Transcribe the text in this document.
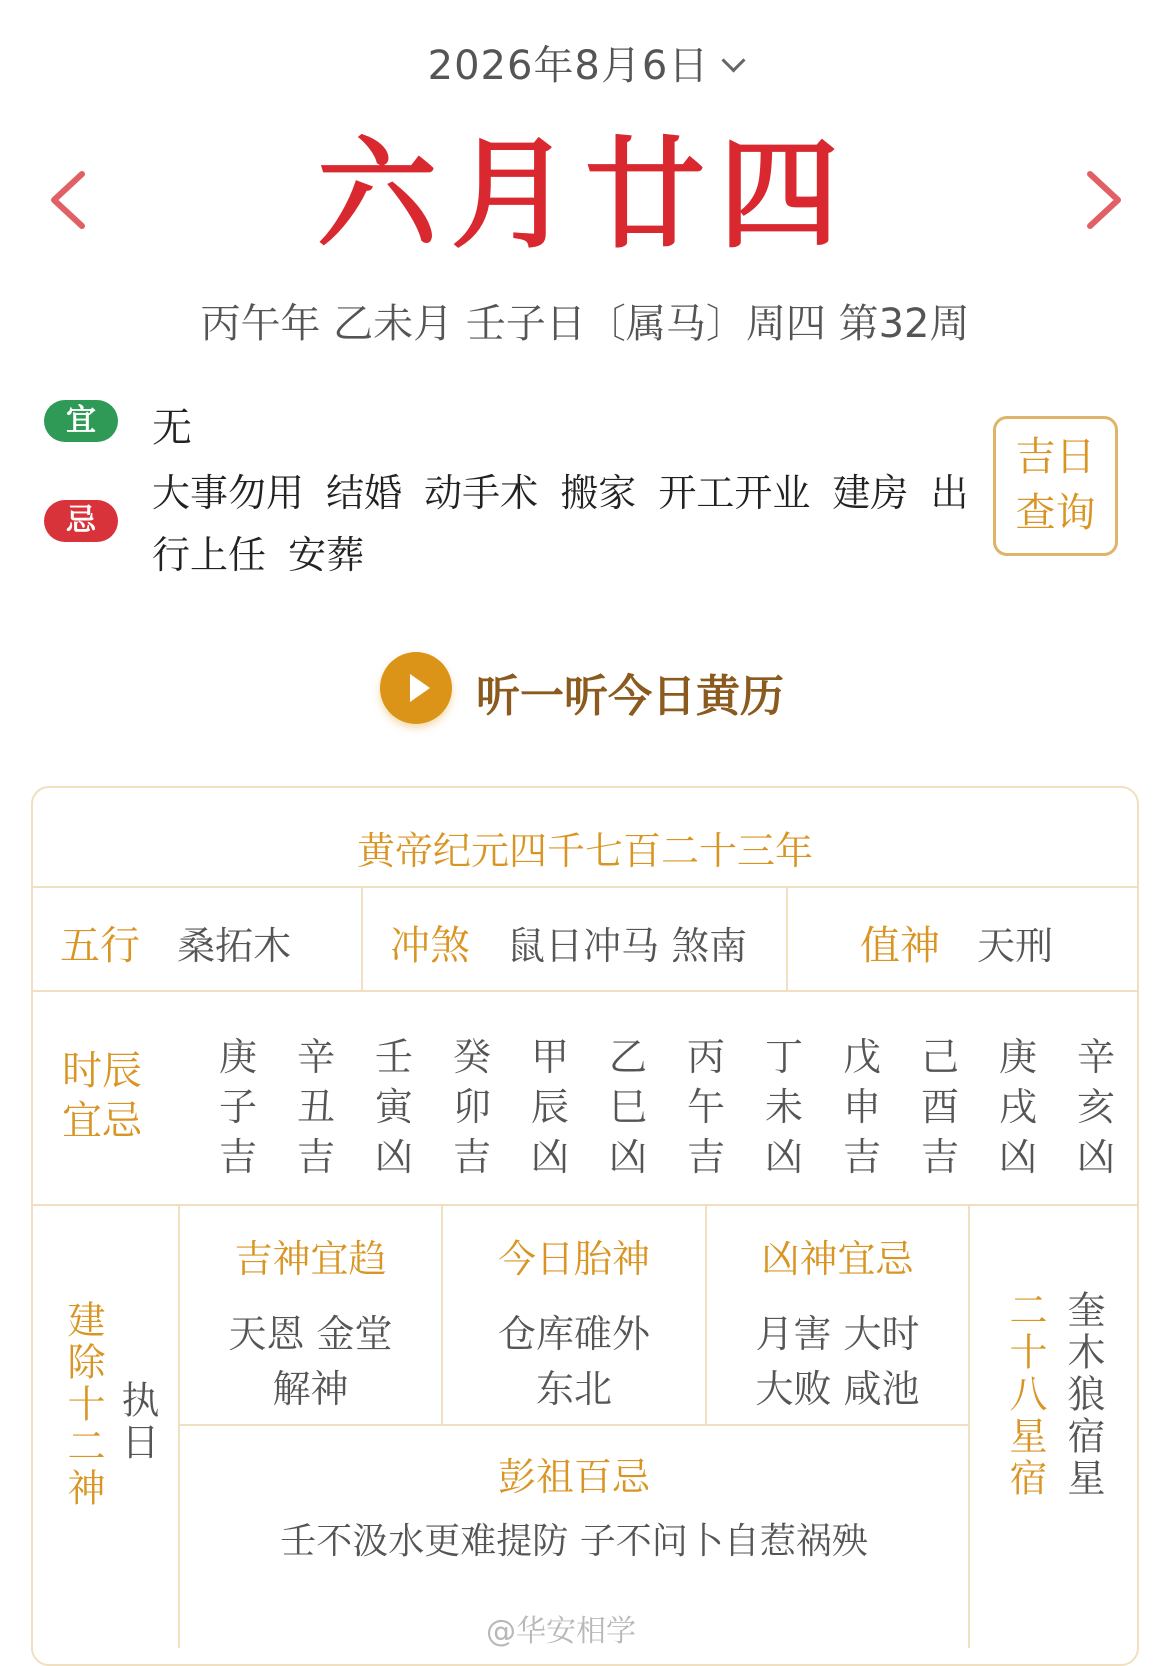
2026年8月6日
六月廿四
丙午年 乙未月 壬子日〔属马〕周四 第32周
宜	无
忌
大事勿用 结婚 动手术 搬家 开工开业 建房 出行上任 安葬
吉日
查询
听一听今日黄历
黄帝纪元四千七百二十三年
五行 桑拓木 冲煞 鼠日冲马 煞南	值神 天刑
时辰
宜忌
庚
子
吉
辛
丑
吉
壬
寅
凶
癸
卯
吉
甲
辰
凶
乙
巳
凶
丙
午
吉
丁
未
凶
戊
申
吉
己
酉
吉
庚
戌
凶
辛
亥
凶
建除十二神 执日
吉神宜趋
天恩 金堂
解神
今日胎神
仓库碓外
东北
凶神宜忌
月害 大时
大败 咸池
彭祖百忌
壬不汲水更难提防 子不问卜自惹祸殃
二十八星宿 奎木狼宿星
@华安相学
